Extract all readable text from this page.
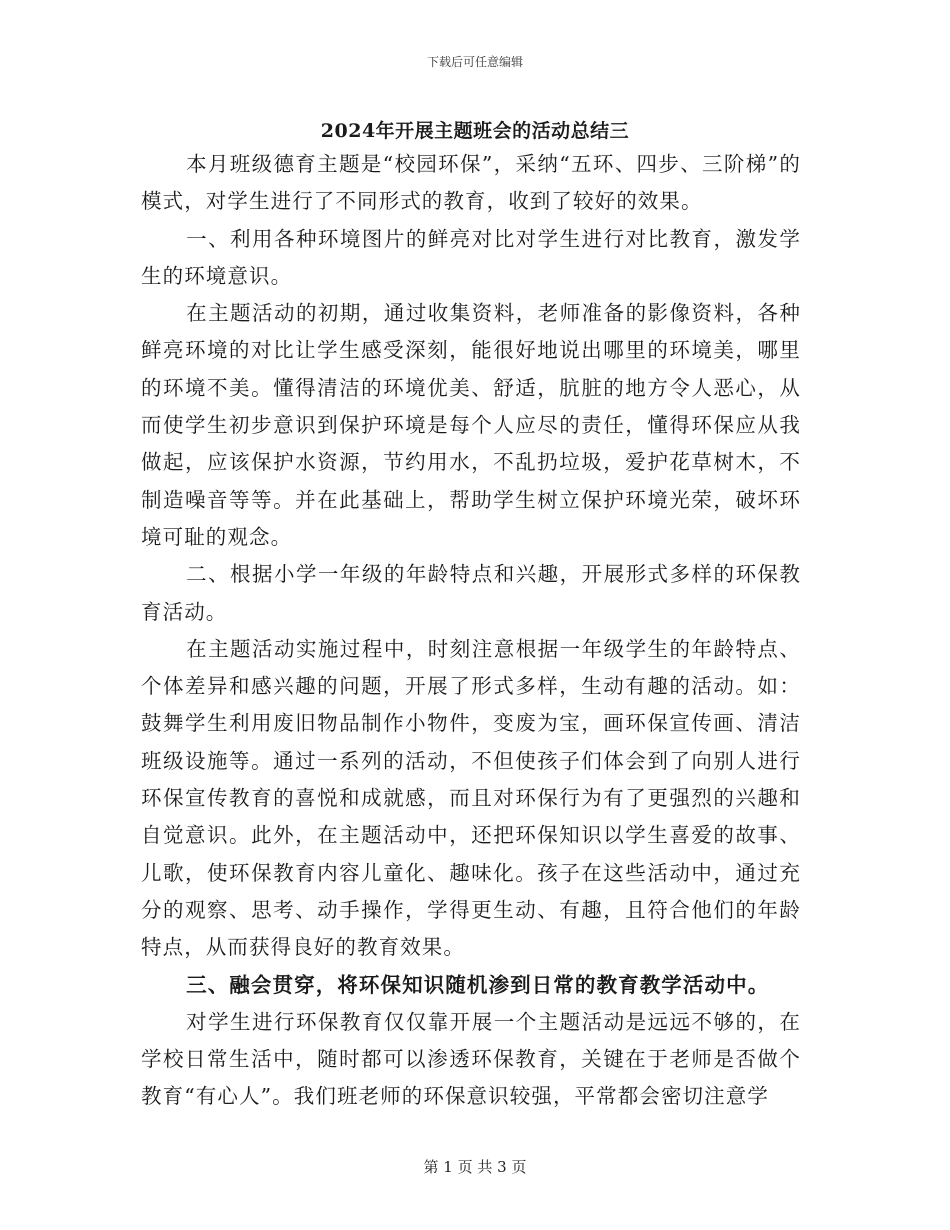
下载后可任意编辑
2024年开展主题班会的活动总结三

本月班级德育主题是“校园环保”，采纳“五环、四步、三阶梯”的模式，对学生进行了不同形式的教育，收到了较好的效果。

一、利用各种环境图片的鲜亮对比对学生进行对比教育，激发学生的环境意识。

在主题活动的初期，通过收集资料，老师准备的影像资料，各种鲜亮环境的对比让学生感受深刻，能很好地说出哪里的环境美，哪里的环境不美。懂得清洁的环境优美、舒适，肮脏的地方令人恶心，从而使学生初步意识到保护环境是每个人应尽的责任，懂得环保应从我做起，应该保护水资源，节约用水，不乱扔垃圾，爱护花草树木，不制造噪音等等。并在此基础上，帮助学生树立保护环境光荣，破坏环境可耻的观念。

二、根据小学一年级的年龄特点和兴趣，开展形式多样的环保教育活动。

在主题活动实施过程中，时刻注意根据一年级学生的年龄特点、个体差异和感兴趣的问题，开展了形式多样，生动有趣的活动。如：鼓舞学生利用废旧物品制作小物件，变废为宝，画环保宣传画、清洁班级设施等。通过一系列的活动，不但使孩子们体会到了向别人进行环保宣传教育的喜悦和成就感，而且对环保行为有了更强烈的兴趣和自觉意识。此外，在主题活动中，还把环保知识以学生喜爱的故事、儿歌，使环保教育内容儿童化、趣味化。孩子在这些活动中，通过充分的观察、思考、动手操作，学得更生动、有趣，且符合他们的年龄特点，从而获得良好的教育效果。

三、融会贯穿，将环保知识随机渗到日常的教育教学活动中。

对学生进行环保教育仅仅靠开展一个主题活动是远远不够的，在学校日常生活中，随时都可以渗透环保教育，关键在于老师是否做个教育“有心人”。我们班老师的环保意识较强，平常都会密切注意学

第 1 页 共 3 页
